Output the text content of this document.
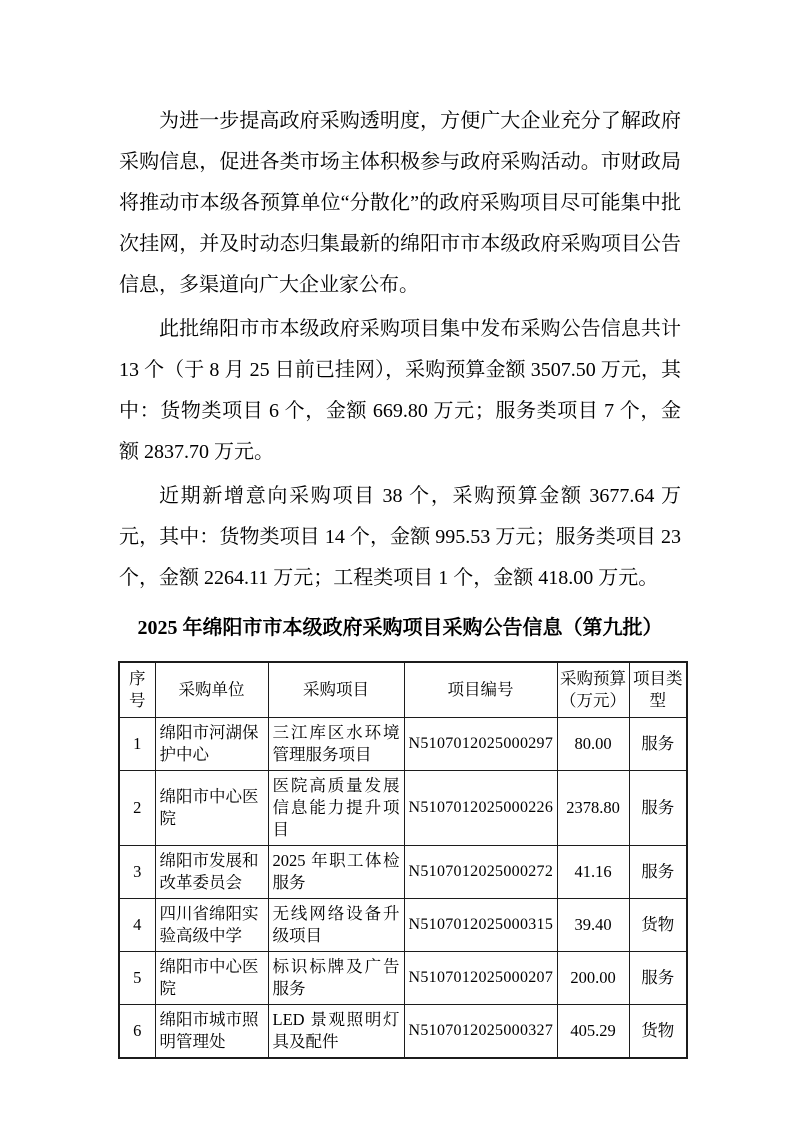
为进一步提高政府采购透明度，方便广大企业充分了解政府采购信息，促进各类市场主体积极参与政府采购活动。市财政局将推动市本级各预算单位“分散化”的政府采购项目尽可能集中批次挂网，并及时动态归集最新的绵阳市市本级政府采购项目公告信息，多渠道向广大企业家公布。

此批绵阳市市本级政府采购项目集中发布采购公告信息共计 13 个（于 8 月 25 日前已挂网），采购预算金额 3507.50 万元，其中：货物类项目 6 个，金额 669.80 万元；服务类项目 7 个，金额 2837.70 万元。

近期新增意向采购项目 38 个，采购预算金额 3677.64 万元，其中：货物类项目 14 个，金额 995.53 万元；服务类项目 23 个，金额 2264.11 万元；工程类项目 1 个，金额 418.00 万元。

2025 年绵阳市市本级政府采购项目采购公告信息（第九批）
序号	采购单位	采购项目	项目编号	采购预算（万元）	项目类型
1	绵阳市河湖保护中心	三江库区水环境管理服务项目	N5107012025000297	80.00	服务
2	绵阳市中心医院	医院高质量发展信息能力提升项目	N5107012025000226	2378.80	服务
3	绵阳市发展和改革委员会	2025 年职工体检服务	N5107012025000272	41.16	服务
4	四川省绵阳实验高级中学	无线网络设备升级项目	N5107012025000315	39.40	货物
5	绵阳市中心医院	标识标牌及广告服务	N5107012025000207	200.00	服务
6	绵阳市城市照明管理处	LED 景观照明灯具及配件	N5107012025000327	405.29	货物
